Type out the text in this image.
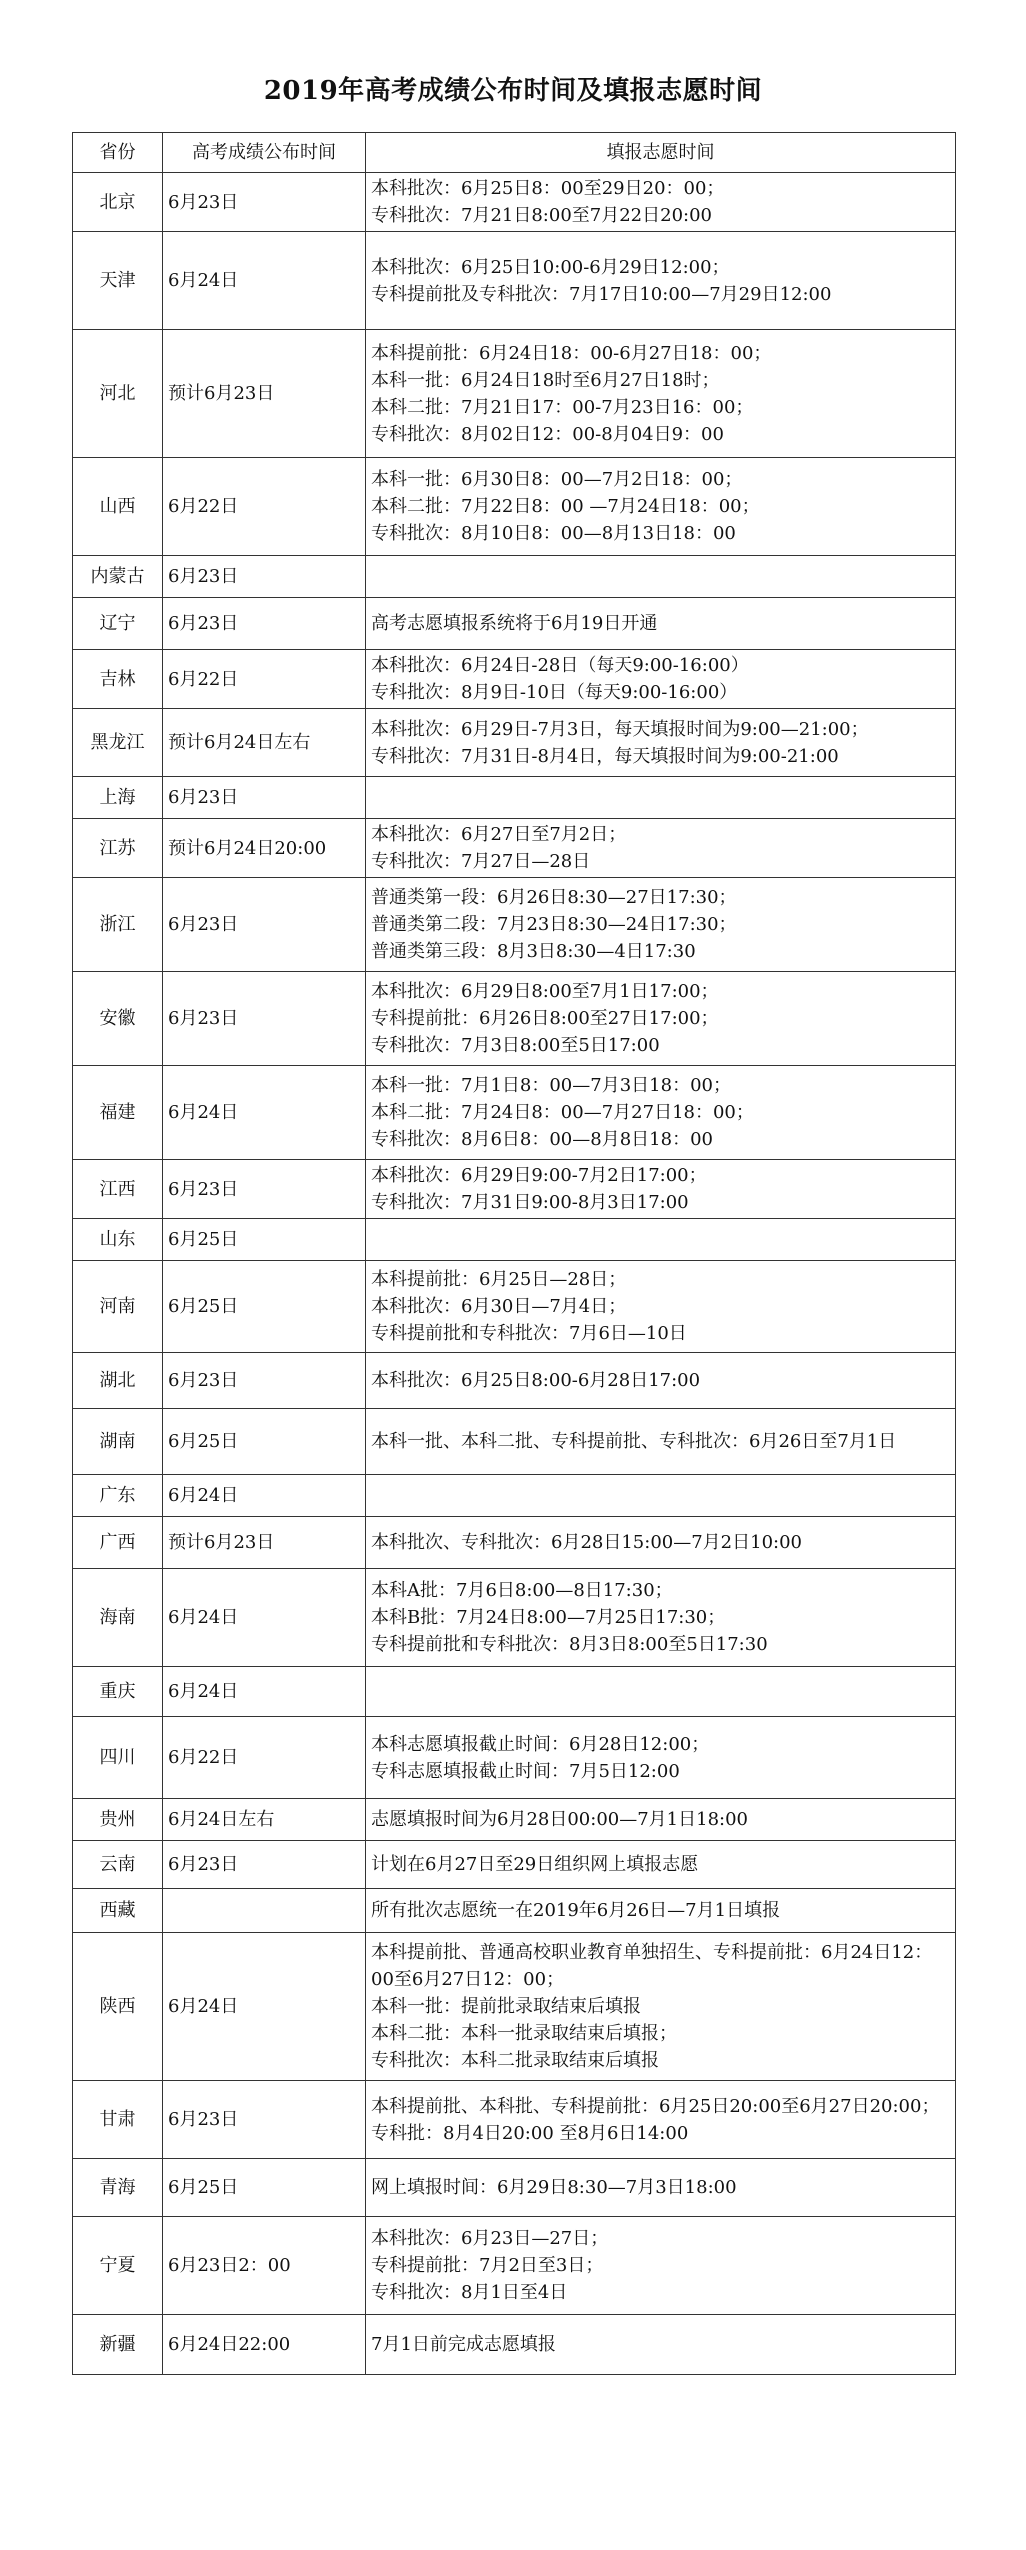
2019年高考成绩公布时间及填报志愿时间
省份	高考成绩公布时间	填报志愿时间
北京	6月23日	本科批次：6月25日8：00至29日20：00；
专科批次：7月21日8:00至7月22日20:00

天津	6月24日	本科批次：6月25日10:00-6月29日12:00；
专科提前批及专科批次：7月17日10:00—7月29日12:00

河北	预计6月23日	本科提前批：6月24日18：00-6月27日18：00；
本科一批：6月24日18时至6月27日18时；
本科二批：7月21日17：00-7月23日16：00；
专科批次：8月02日12：00-8月04日9：00

山西	6月22日	本科一批：6月30日8：00—7月2日18：00；
本科二批：7月22日8：00 —7月24日18：00；
专科批次：8月10日8：00—8月13日18：00

内蒙古	6月23日	
辽宁	6月23日	高考志愿填报系统将于6月19日开通

吉林	6月22日	本科批次：6月24日-28日（每天9:00-16:00）
专科批次：8月9日-10日（每天9:00-16:00）

黑龙江	预计6月24日左右	本科批次：6月29日-7月3日，每天填报时间为9:00—21:00；
专科批次：7月31日-8月4日，每天填报时间为9:00-21:00

上海	6月23日	
江苏	预计6月24日20:00	本科批次：6月27日至7月2日；
专科批次：7月27日—28日

浙江	6月23日	普通类第一段：6月26日8:30—27日17:30；
普通类第二段：7月23日8:30—24日17:30；
普通类第三段：8月3日8:30—4日17:30

安徽	6月23日	本科批次：6月29日8:00至7月1日17:00；
专科提前批：6月26日8:00至27日17:00；
专科批次：7月3日8:00至5日17:00

福建	6月24日	本科一批：7月1日8：00—7月3日18：00；
本科二批：7月24日8：00—7月27日18：00；
专科批次：8月6日8：00—8月8日18：00

江西	6月23日	本科批次：6月29日9:00-7月2日17:00；
专科批次：7月31日9:00-8月3日17:00

山东	6月25日	
河南	6月25日	本科提前批：6月25日—28日；
本科批次：6月30日—7月4日；
专科提前批和专科批次：7月6日—10日

湖北	6月23日	本科批次：6月25日8:00-6月28日17:00

湖南	6月25日	本科一批、本科二批、专科提前批、专科批次：6月26日至7月1日

广东	6月24日	
广西	预计6月23日	本科批次、专科批次：6月28日15:00—7月2日10:00

海南	6月24日	本科A批：7月6日8:00—8日17:30；
本科B批：7月24日8:00—7月25日17:30；
专科提前批和专科批次：8月3日8:00至5日17:30

重庆	6月24日	
四川	6月22日	本科志愿填报截止时间：6月28日12:00；
专科志愿填报截止时间：7月5日12:00

贵州	6月24日左右	志愿填报时间为6月28日00:00—7月1日18:00

云南	6月23日	计划在6月27日至29日组织网上填报志愿

西藏		所有批次志愿统一在2019年6月26日—7月1日填报

陕西	6月24日	本科提前批、普通高校职业教育单独招生、专科提前批：6月24日12：00至6月27日12：00；
本科一批：提前批录取结束后填报
本科二批：本科一批录取结束后填报；
专科批次：本科二批录取结束后填报

甘肃	6月23日	本科提前批、本科批、专科提前批：6月25日20:00至6月27日20:00；
专科批：8月4日20:00 至8月6日14:00

青海	6月25日	网上填报时间：6月29日8:30—7月3日18:00

宁夏	6月23日2：00	本科批次：6月23日—27日；
专科提前批：7月2日至3日；
专科批次：8月1日至4日

新疆	6月24日22:00	7月1日前完成志愿填报
